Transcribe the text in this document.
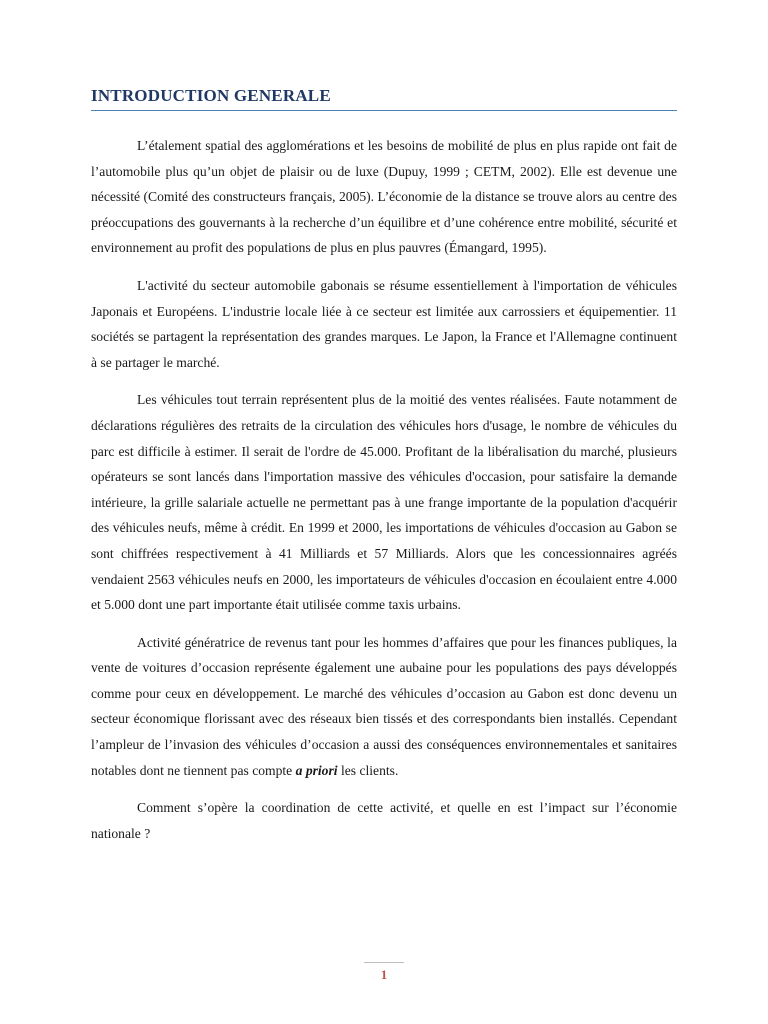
INTRODUCTION GENERALE

L’étalement spatial des agglomérations et les besoins de mobilité de plus en plus rapide ont fait de l’automobile plus qu’un objet de plaisir ou de luxe (Dupuy, 1999 ; CETM, 2002). Elle est devenue une nécessité (Comité des constructeurs français, 2005). L’économie de la distance se trouve alors au centre des préoccupations des gouvernants à la recherche d’un équilibre et d’une cohérence entre mobilité, sécurité et environnement au profit des populations de plus en plus pauvres (Émangard, 1995).

L'activité du secteur automobile gabonais se résume essentiellement à l'importation de véhicules Japonais et Européens. L'industrie locale liée à ce secteur est limitée aux carrossiers et équipementier. 11 sociétés se partagent la représentation des grandes marques. Le Japon, la France et l'Allemagne continuent à se partager le marché.

Les véhicules tout terrain représentent plus de la moitié des ventes réalisées. Faute notamment de déclarations régulières des retraits de la circulation des véhicules hors d'usage, le nombre de véhicules du parc est difficile à estimer. Il serait de l'ordre de 45.000. Profitant de la libéralisation du marché, plusieurs opérateurs se sont lancés dans l'importation massive des véhicules d'occasion, pour satisfaire la demande intérieure, la grille salariale actuelle ne permettant pas à une frange importante de la population d'acquérir des véhicules neufs, même à crédit. En 1999 et 2000, les importations de véhicules d'occasion au Gabon se sont chiffrées respectivement à 41 Milliards et 57 Milliards. Alors que les concessionnaires agréés vendaient 2563 véhicules neufs en 2000, les importateurs de véhicules d'occasion en écoulaient entre 4.000 et 5.000 dont une part importante était utilisée comme taxis urbains.

Activité génératrice de revenus tant pour les hommes d’affaires que pour les finances publiques, la vente de voitures d’occasion représente également une aubaine pour les populations des pays développés comme pour ceux en développement. Le marché des véhicules d’occasion au Gabon est donc devenu un secteur économique florissant avec des réseaux bien tissés et des correspondants bien installés. Cependant l’ampleur de l’invasion des véhicules d’occasion a aussi des conséquences environnementales et sanitaires notables dont ne tiennent pas compte a priori les clients.

Comment s’opère la coordination de cette activité, et quelle en est l’impact sur l’économie nationale ?

1
